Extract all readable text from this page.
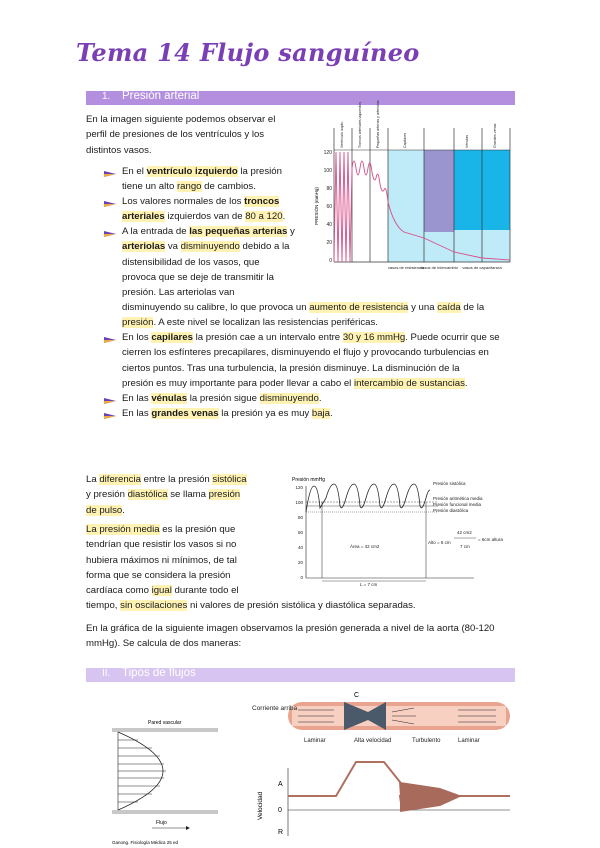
Tema 14 Flujo sanguíneo
1. Presión arterial
En la imagen siguiente podemos observar el
perfil de presiones de los ventrículos y los
distintos vasos.
En el ventrículo izquierdo la presión
tiene un alto rango de cambios.
Los valores normales de los troncos
arteriales izquierdos van de 80 a 120.
A la entrada de las pequeñas arterias y
arteriolas va disminuyendo debido a la
distensibilidad de los vasos, que
provoca que se deje de transmitir la
presión. Las arteriolas van
disminuyendo su calibre, lo que provoca un aumento de resistencia y una caída de la
presión. A este nivel se localizan las resistencias periféricas.
En los capilares la presión cae a un intervalo entre 30 y 16 mmHg. Puede ocurrir que se
cierren los esfínteres precapilares, disminuyendo el flujo y provocando turbulencias en
ciertos puntos. Tras una turbulencia, la presión disminuye. La disminución de la
presión es muy importante para poder llevar a cabo el intercambio de sustancias.
En las vénulas la presión sigue disminuyendo.
En las grandes venas la presión ya es muy baja.
120
100
80
60
40
20
0
PRESIÓN (mmHg)
Ventrículo izqdo.	Troncos arteriales izquierdos	Pequeñas arterias y arteriolas	Capilares	Vénulas	Grandes venas
vasos de resistencia
vasos de intercambio vasos de capacitancia
La diferencia entre la presión sistólica
y presión diastólica se llama presión
de pulso.
La presión media es la presión que
tendrían que resistir los vasos si no
hubiera máximos ni mínimos, de tal
forma que se considera la presión
cardíaca como igual durante todo el
tiempo, sin oscilaciones ni valores de presión sistólica y diastólica separadas.
Presión mmHg
120
100
80
60
40
20
0
Presión sistólica
Presión aritmética media
Presión funcional media
Presión diastólica
Área = 42 cm2
Alto = 6 cm
42 cm2
7 cm
= 6cm altura
L = 7 cm
En la gráfica de la siguiente imagen observamos la presión generada a nivel de la aorta (80-120
mmHg). Se calcula de dos maneras:
II. Tipos de flujos
Pared vascular
Flujo
Ganong. Fisiología Médica 25 ed
C
Corriente arriba
Laminar	Alta velocidad	Turbulento	Laminar
Velocidad
A
0
R
